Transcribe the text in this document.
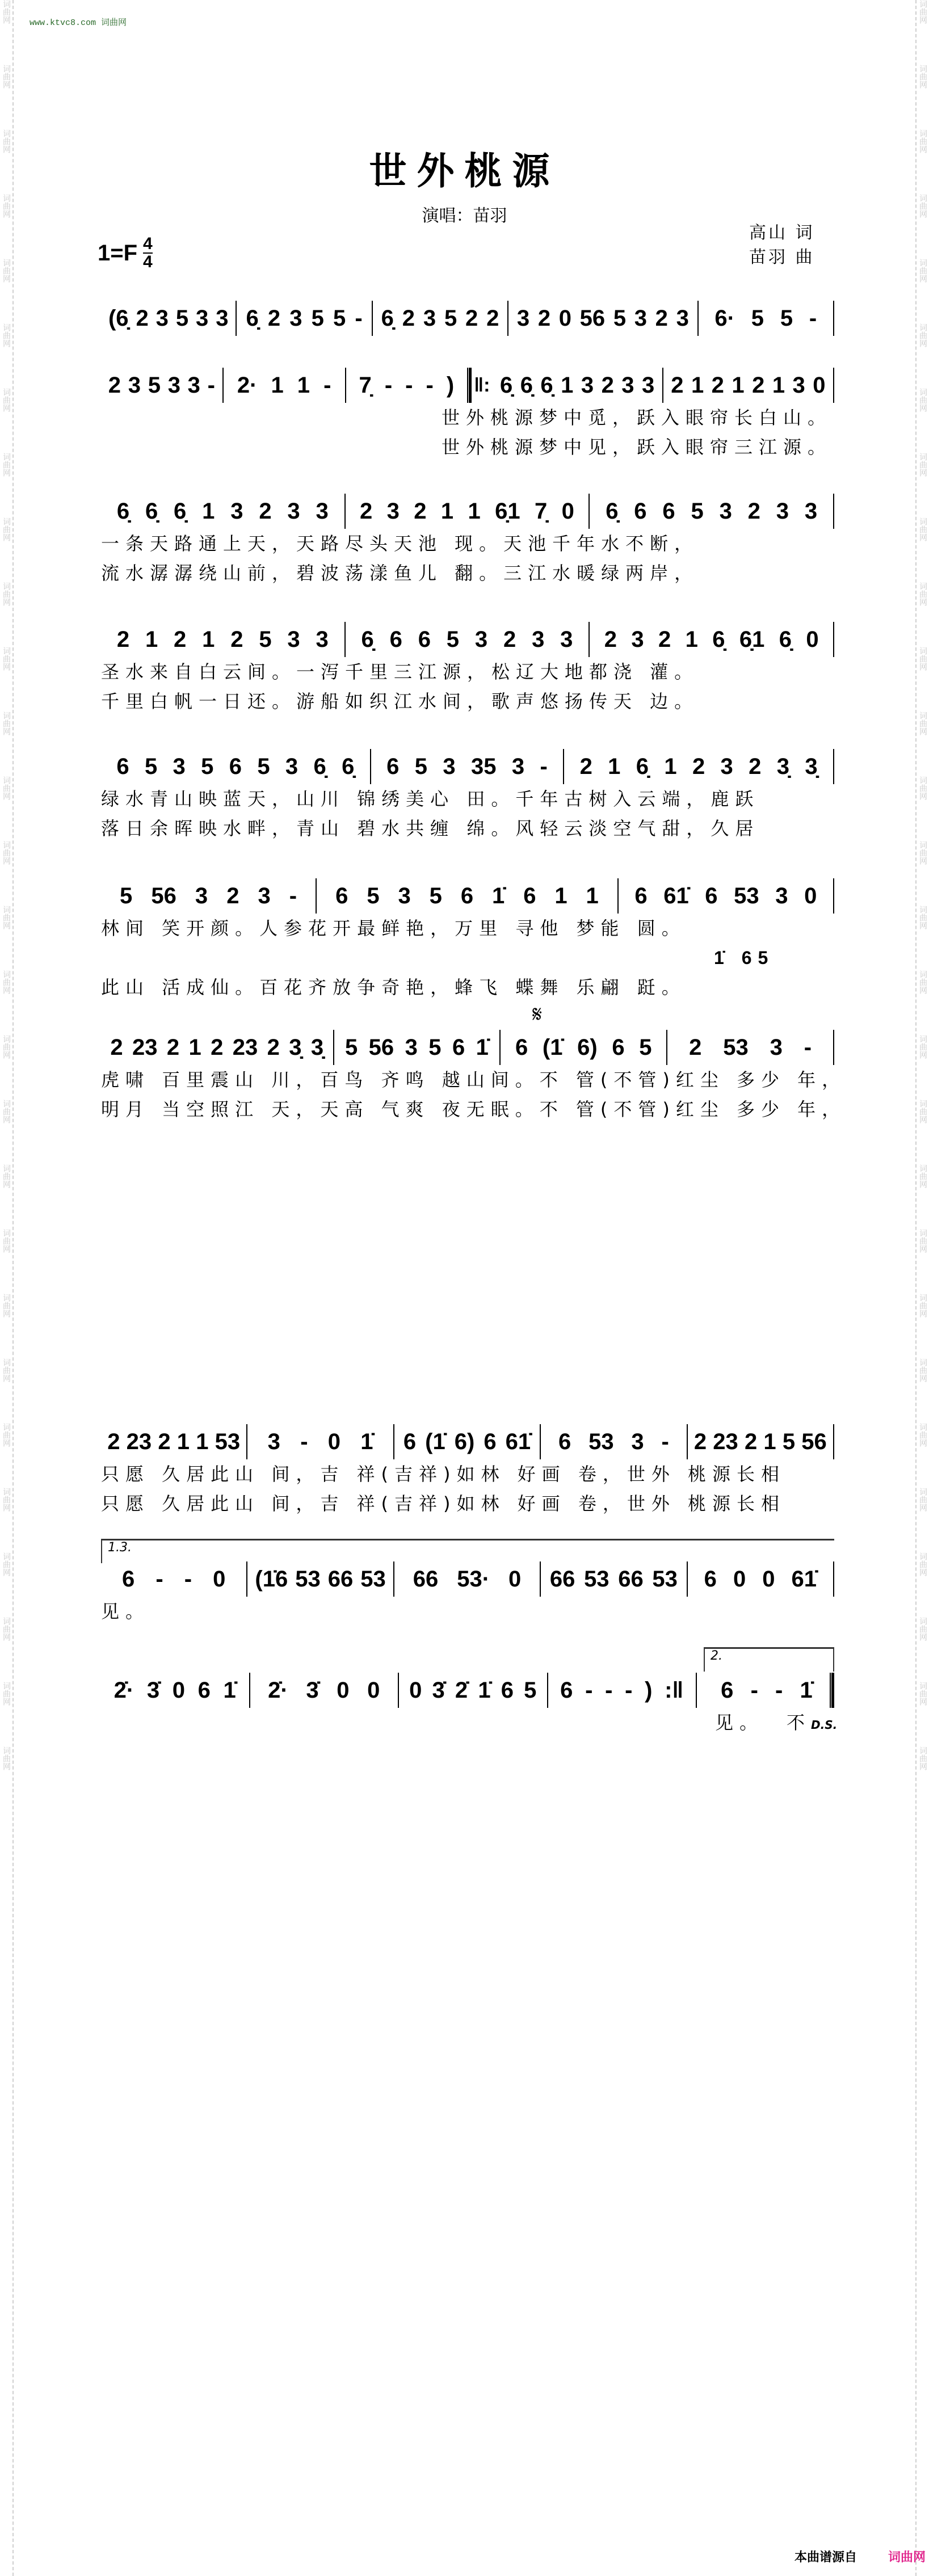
词曲网
词曲网
词曲网
词曲网
词曲网
词曲网
词曲网
词曲网
词曲网
词曲网
词曲网
词曲网
词曲网
词曲网
词曲网
词曲网
词曲网
词曲网
词曲网
词曲网
词曲网
词曲网
词曲网
词曲网
词曲网
词曲网
词曲网
词曲网
词曲网
词曲网
词曲网
词曲网
词曲网
词曲网
词曲网
词曲网
词曲网
词曲网
词曲网
词曲网
词曲网
词曲网
词曲网
词曲网
词曲网
词曲网
词曲网
词曲网
词曲网
词曲网
词曲网
词曲网
词曲网
词曲网
词曲网
词曲网
www.ktvc8.com 词曲网
世外桃源
演唱：苗羽
高山 词
苗羽 曲
$1=F \frac{4}{4}$
(6̣ 2 3 5 3 3 6̣ 2 3 5 5 - 6̣ 2 3 5 2 2 3 2 0 56 5 3 2 3 6· 5 5 -
2 3 5 3 3 - 2· 1 1 - 7̣ - - - ) ‖: 6̣ 6̣ 6̣ 1 3 2 3 3 2 1 2 1 2 1 3 0
世外桃源梦中觅，跃入眼帘长白山。
世外桃源梦中见，跃入眼帘三江源。
6̣ 6̣ 6̣ 1 3 2 3 3 2 3 2 1 1 6̣1 7̣ 0 6̣ 6 6 5 3 2 3 3
一条天路通上天，天路尽头天池 现。天池千年水不断，
流水潺潺绕山前，碧波荡漾鱼儿 翻。三江水暖绿两岸，
2 1 2 1 2 5 3 3 6̣ 6 6 5 3 2 3 3 2 3 2 1 6̣ 6̣1 6̣ 0
圣水来自白云间。一泻千里三江源，松辽大地都浇 灌。
千里白帆一日还。游船如织江水间，歌声悠扬传天 边。
6 5 3 5 6 5 3 6̣ 6̣ 6 5 3 35 3 - 2 1 6̣ 1 2 3 2 3̣ 3̣
绿水青山映蓝天，山川 锦绣美心 田。千年古树入云端，鹿跃
落日余晖映水畔，青山 碧水共缠 绵。风轻云淡空气甜，久居
5 56 3 2 3 - 6 5 3 5 6 1̇ 6 1 1 6 61̇ 6 53 3 0
林间 笑开颜。人参花开最鲜艳，万里 寻他 梦能 圆。
1̇ 65
此山 活成仙。百花齐放争奇艳，蜂飞 蝶舞 乐翩 跹。
𝄋
2 23 2 1 2 23 2 3̣ 3̣ 5 56 3 5 6 1̇ 6 (1̇ 6) 6 5 2 53 3 -
虎啸 百里震山 川，百鸟 齐鸣 越山间。不 管(不管)红尘 多少 年，
明月 当空照江 天，天高 气爽 夜无眠。不 管(不管)红尘 多少 年，
2 23 2 1 1 53 3 - 0 1̇ 6 (1̇ 6) 6 61̇ 6 53 3 - 2 23 2 1 5 56
只愿 久居此山 间，吉 祥(吉祥)如林 好画 卷，世外 桃源长相
只愿 久居此山 间，吉 祥(吉祥)如林 好画 卷，世外 桃源长相
1.3.
6 - - 0 (1̇6 53 66 53 66 53· 0 66 53 66 53 6 0 0 61̇
见。
2̇· 3̇ 0 6 1̇ 2̇· 3̇ 0 0 0 3̇ 2̇ 1̇ 6 5 6 - - - ) :‖
2.
6 - - 1̇
见。 不D.S.
本曲谱源自	词曲网
